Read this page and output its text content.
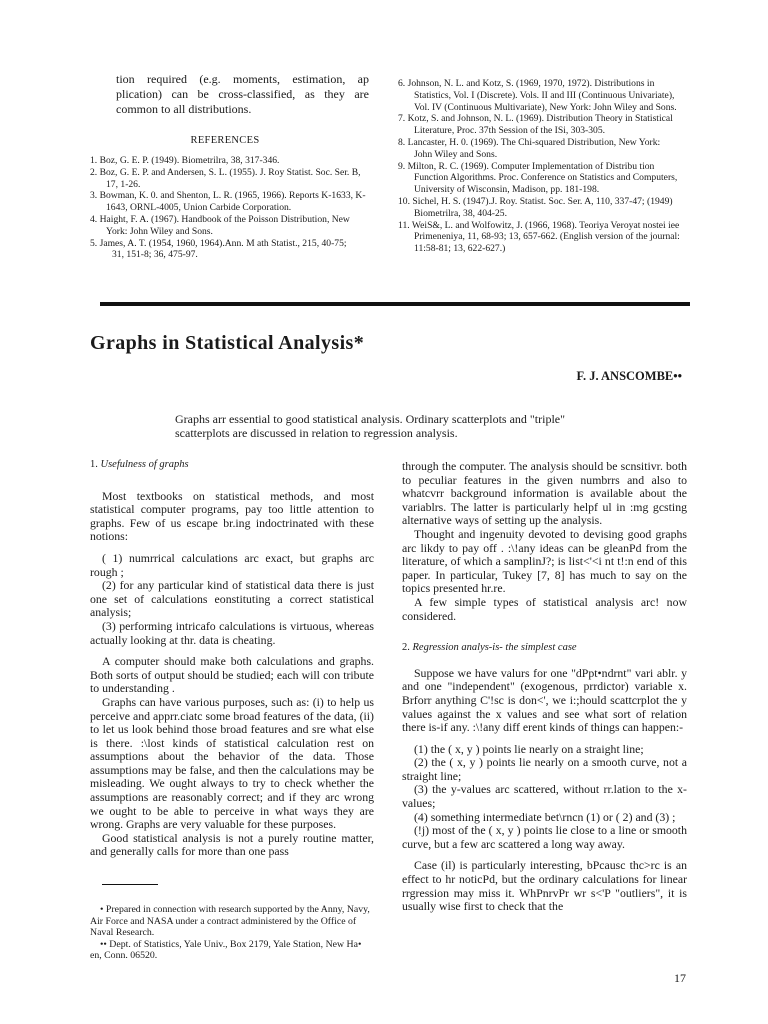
tion required (e.g. moments, estimation, ap plication) can be cross-classified, as they are common to all distributions.
REFERENCES
1. Boz, G. E. P. (1949). Biometrilra, 38, 317-346.
2. Boz, G. E. P. and Andersen, S. L. (1955). J. Roy Statist. Soc. Ser. B, 17, 1-26.
3. Bowman, K. 0. and Shenton, L. R. (1965, 1966). Reports K-1633, K-1643, ORNL-4005, Union Carbide Corporation.
4. Haight, F. A. (1967). Handbook of the Poisson Distribution, New York: John Wiley and Sons.
5. James, A. T. (1954, 1960, 1964).Ann. M ath Statist., 215, 40-75;
31, 151-8; 36, 475-97.
6. Johnson, N. L. and Kotz, S. (1969, 1970, 1972). Distributions in Statistics, Vol. I (Discrete). Vols. II and III (Continuous Univariate), Vol. IV (Continuous Multivariate), New York: John Wiley and Sons.
7. Kotz, S. and Johnson, N. L. (1969). Distribution Theory in Statistical Literature, Proc. 37th Session of the ISi, 303-305.
8. Lancaster, H. 0. (1969). The Chi-squared Distribution, New York: John Wiley and Sons.
9. Milton, R. C. (1969). Computer Implementation of Distribu tion Function Algorithms. Proc. Conference on Statistics and Computers, University of Wisconsin, Madison, pp. 181-198.
10. Sichel, H. S. (1947).J. Roy. Statist. Soc. Ser. A, 110, 337-47; (1949) Biometrilra, 38, 404-25.
11. WeiS&, L. and Wolfowitz, J. (1966, 1968). Teoriya Veroyat nostei iee Primeneniya, 11, 68-93; 13, 657-662. (English version of the journal: 11:58-81; 13, 622-627.)
Graphs in Statistical Analysis*
F. J. ANSCOMBE••
Graphs arr essential to good statistical analysis. Ordinary scatterplots and "triple" scatterplots are discussed in relation to regression analysis.
1. Usefulness of graphs

Most textbooks on statistical methods, and most statistical computer programs, pay too little attention to graphs. Few of us escape br.ing indoctrinated with these notions:

( 1) numrrical calculations arc exact, but graphs arc rough ;

(2) for any particular kind of statistical data there is just one set of calculations eonstituting a correct statistical analysis;

(3) performing intricafo calculations is virtuous, whereas actually looking at thr. data is cheating.

A computer should make both calculations and graphs. Both sorts of output should be studied; each will con tribute to understanding .

Graphs can have various purposes, such as: (i) to help us perceive and apprr.ciatc some broad features of the data, (ii) to let us look behind those broad features and sre what else is there. :\lost kinds of statistical calculation rest on assumptions about the behavior of the data. Those assumptions may be false, and then the calculations may be misleading. We ought always to try to check whether the assumptions are reasonably correct; and if they arc wrong we ought to be able to perceive in what ways they are wrong. Graphs are very valuable for these purposes.

Good statistical analysis is not a purely routine matter, and generally calls for more than one pass

• Prepared in connection with research supported by the Anny, Navy, Air Force and NASA under a contract administered by the Office of Naval Research.

•• Dept. of Statistics, Yale Univ., Box 2179, Yale Station, New Ha• en, Conn. 06520.

through the computer. The analysis should be scnsitivr. both to peculiar features in the given numbrrs and also to whatcvrr background information is available about the variablrs. The latter is particularly helpf ul in :mg gcsting alternative ways of setting up the analysis.

Thought and ingenuity devoted to devising good graphs arc likdy to pay off . :\!any ideas can be gleanPd from the literature, of which a samplinJ?; is list<'<i nt t!:n end of this paper. In particular, Tukey [7, 8] has much to say on the topics presented hr.re.

A few simple types of statistical analysis arc! now considered.

2. Regression analys-is- the simplest case

Suppose we have valurs for one "dPpt•ndrnt" vari ablr. y and one "independent" (exogenous, prrdictor) variable x. Brforr anything C'!sc is don<', we i:;hould scattcrplot the y values against the x values and see what sort of relation there is-if any. :\!any diff erent kinds of things can happen:-

(1) the ( x, y ) points lie nearly on a straight line;

(2) the ( x, y ) points lie nearly on a smooth curve, not a straight line;

(3) the y-values arc scattered, without rr.lation to the x-values;

(4) something intermediate bet\rncn (1) or ( 2) and (3) ;

(!j) most of the ( x, y ) points lie close to a line or smooth curve, but a few arc scattered a long way away.

Case (il) is particularly interesting, bPcausc thc>rc is an effect to hr noticPd, but the ordinary calculations for linear rrgression may miss it. WhPnrvPr wr s<'P "outliers", it is usually wise first to check that the

17
